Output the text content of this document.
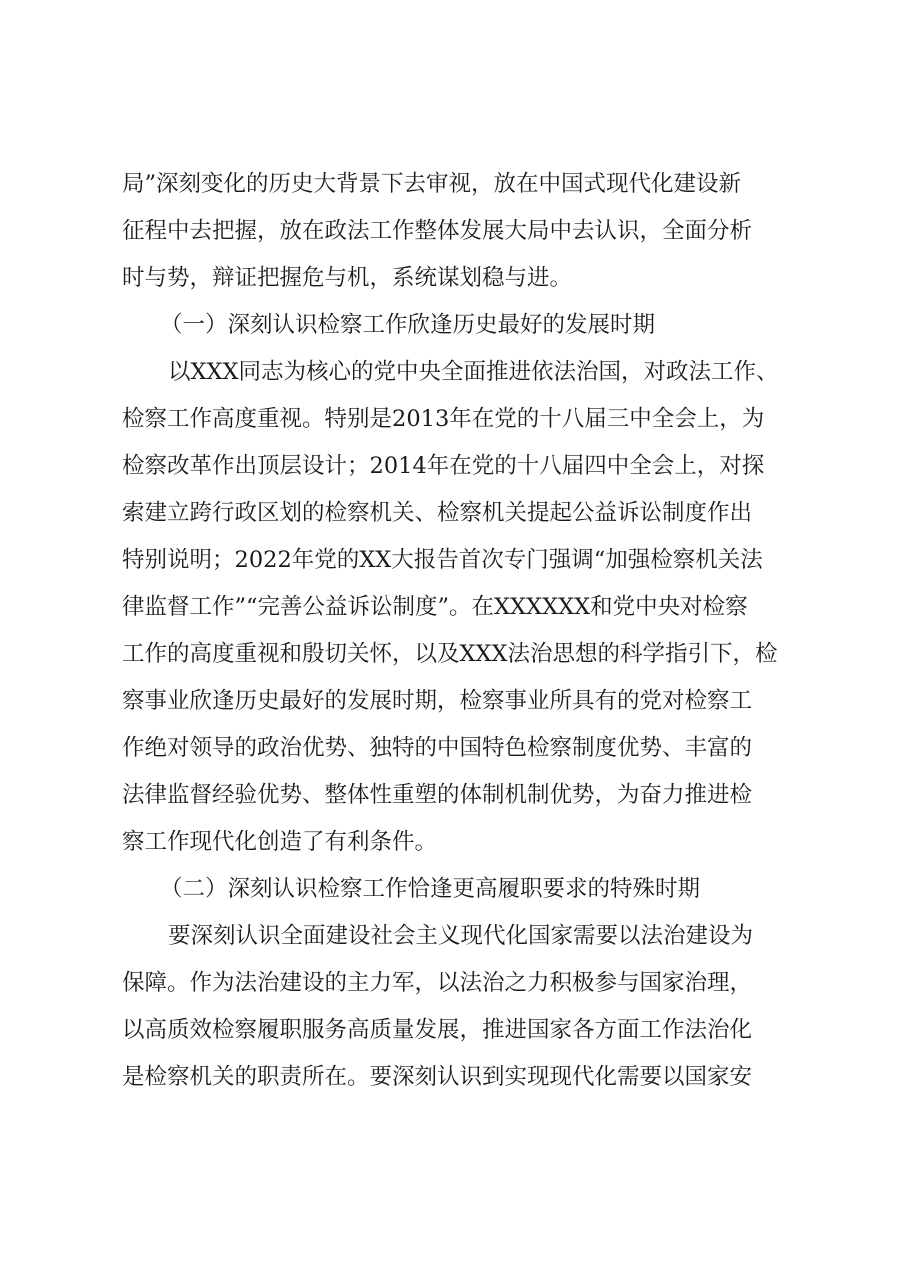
局”深刻变化的历史大背景下去审视，放在中国式现代化建设新

征程中去把握，放在政法工作整体发展大局中去认识，全面分析

时与势，辩证把握危与机，系统谋划稳与进。

（一）深刻认识检察工作欣逢历史最好的发展时期

以XXX同志为核心的党中央全面推进依法治国，对政法工作、

检察工作高度重视。特别是2013年在党的十八届三中全会上，为

检察改革作出顶层设计；2014年在党的十八届四中全会上，对探

索建立跨行政区划的检察机关、检察机关提起公益诉讼制度作出

特别说明；2022年党的XX大报告首次专门强调“加强检察机关法

律监督工作”“完善公益诉讼制度”。在XXXXXX和党中央对检察

工作的高度重视和殷切关怀，以及XXX法治思想的科学指引下，检

察事业欣逢历史最好的发展时期，检察事业所具有的党对检察工

作绝对领导的政治优势、独特的中国特色检察制度优势、丰富的

法律监督经验优势、整体性重塑的体制机制优势，为奋力推进检

察工作现代化创造了有利条件。

（二）深刻认识检察工作恰逢更高履职要求的特殊时期

要深刻认识全面建设社会主义现代化国家需要以法治建设为

保障。作为法治建设的主力军，以法治之力积极参与国家治理，

以高质效检察履职服务高质量发展，推进国家各方面工作法治化

是检察机关的职责所在。要深刻认识到实现现代化需要以国家安
